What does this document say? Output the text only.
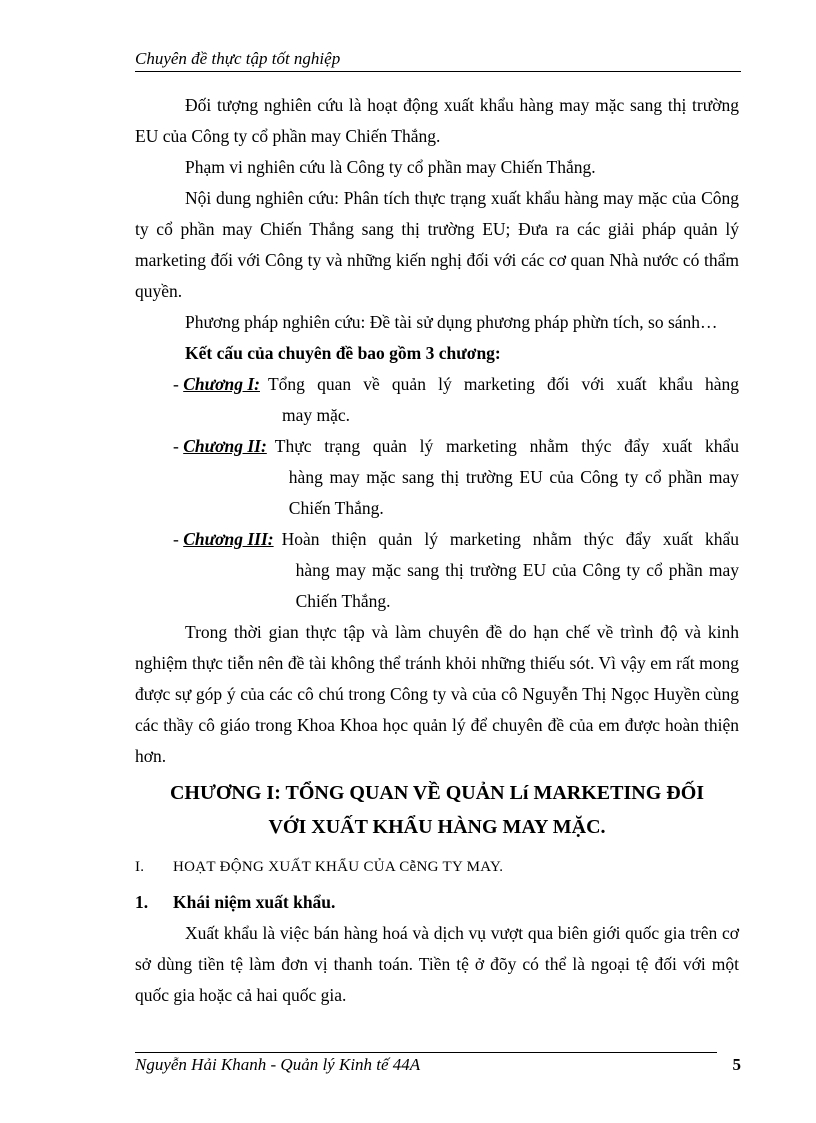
Chuyên đề thực tập tốt nghiệp

Đối tượng nghiên cứu là hoạt động xuất khẩu hàng may mặc sang thị trường EU của Công ty cổ phần may Chiến Thắng.

Phạm vi nghiên cứu là Công ty cổ phần may Chiến Thắng.

Nội dung nghiên cứu: Phân tích thực trạng xuất khẩu hàng may mặc của Công ty cổ phần may Chiến Thắng sang thị trường EU; Đưa ra các giải pháp quản lý marketing đối với Công ty và những kiến nghị đối với các cơ quan Nhà nước có thẩm quyền.

Phương pháp nghiên cứu: Đề tài sử dụng phương pháp phừn tích, so sánh…

Kết cấu của chuyên đề bao gồm 3 chương:

- Chương I: Tổng quan về quản lý marketing đối với xuất khẩu hàng
may mặc.
- Chương II: Thực trạng quản lý marketing nhằm thýc đẩy xuất khẩu
hàng may mặc sang thị trường EU của Công ty cổ phần may Chiến Thắng.
- Chương III: Hoàn thiện quản lý marketing nhằm thýc đẩy xuất khẩu
hàng may mặc sang thị trường EU của Công ty cổ phần may Chiến Thắng.

Trong thời gian thực tập và làm chuyên đề do hạn chế về trình độ và kinh nghiệm thực tiễn nên đề tài không thể tránh khỏi những thiếu sót. Vì vậy em rất mong được sự góp ý của các cô chú trong Công ty và của cô Nguyễn Thị Ngọc Huyền cùng các thầy cô giáo trong Khoa Khoa học quản lý để chuyên đề của em được hoàn thiện hơn.

CHƯƠNG I: TỔNG QUAN VỀ QUẢN Lí MARKETING ĐỐI
VỚI XUẤT KHẨU HÀNG MAY MẶC.
I.	HOẠT ĐỘNG XUẤT KHẨU CỦA CễNG TY MAY.
1.	Khái niệm xuất khẩu.

Xuất khẩu là việc bán hàng hoá và dịch vụ vượt qua biên giới quốc gia trên cơ sở dùng tiền tệ làm đơn vị thanh toán. Tiền tệ ở đõy có thể là ngoại tệ đối với một quốc gia hoặc cả hai quốc gia.

Nguyễn Hải Khanh - Quản lý Kinh tế 44A	5
